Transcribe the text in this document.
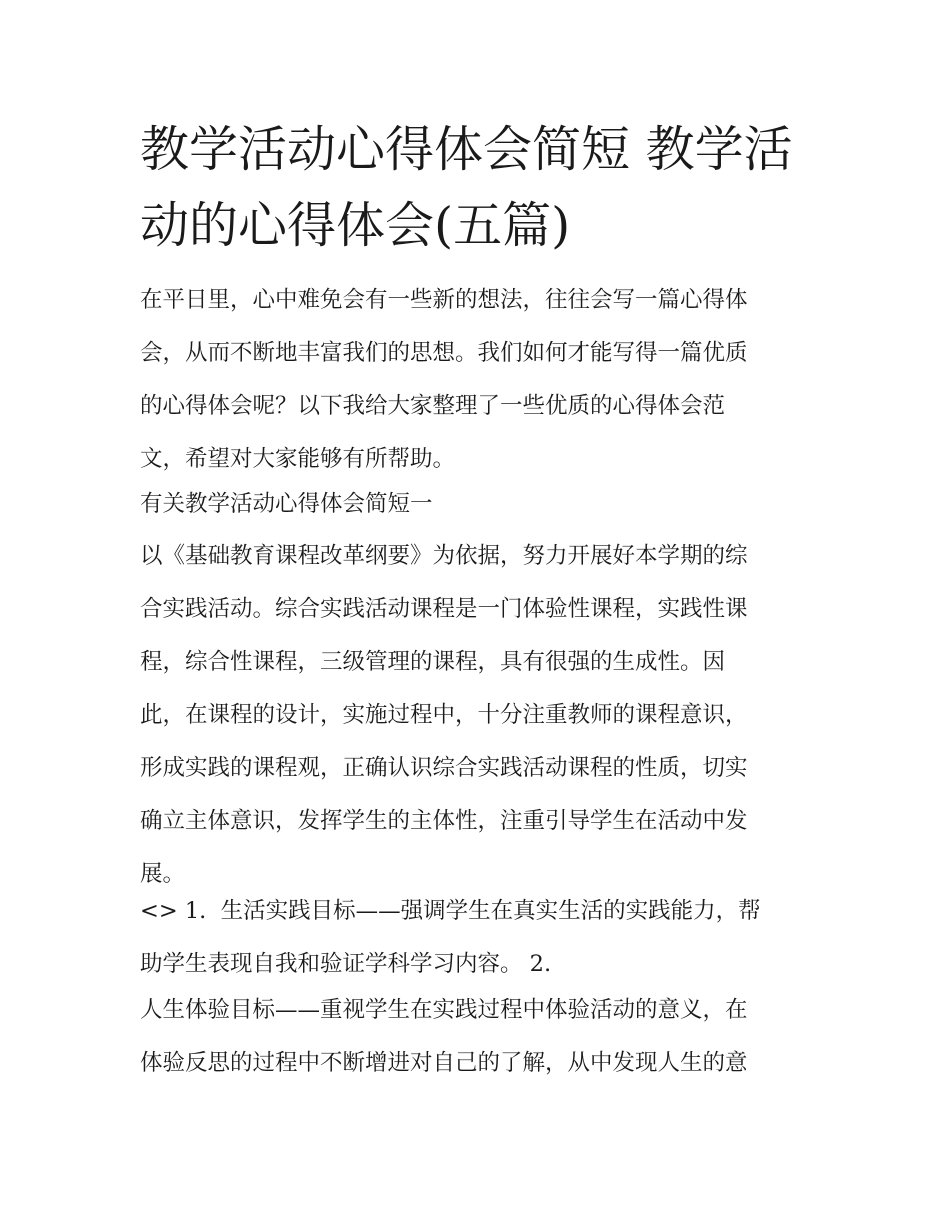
教学活动心得体会简短 教学活
动的心得体会(五篇)
在平日里，心中难免会有一些新的想法，往往会写一篇心得体
会，从而不断地丰富我们的思想。我们如何才能写得一篇优质
的心得体会呢？以下我给大家整理了一些优质的心得体会范
文，希望对大家能够有所帮助。
有关教学活动心得体会简短一
以《基础教育课程改革纲要》为依据，努力开展好本学期的综
合实践活动。综合实践活动课程是一门体验性课程，实践性课
程，综合性课程，三级管理的课程，具有很强的生成性。因
此，在课程的设计，实施过程中，十分注重教师的课程意识，
形成实践的课程观，正确认识综合实践活动课程的性质，切实
确立主体意识，发挥学生的主体性，注重引导学生在活动中发
展。
<> 1.  生活实践目标——强调学生在真实生活的实践能力，帮
助学生表现自我和验证学科学习内容。 2.
人生体验目标——重视学生在实践过程中体验活动的意义，在
体验反思的过程中不断增进对自己的了解，从中发现人生的意
